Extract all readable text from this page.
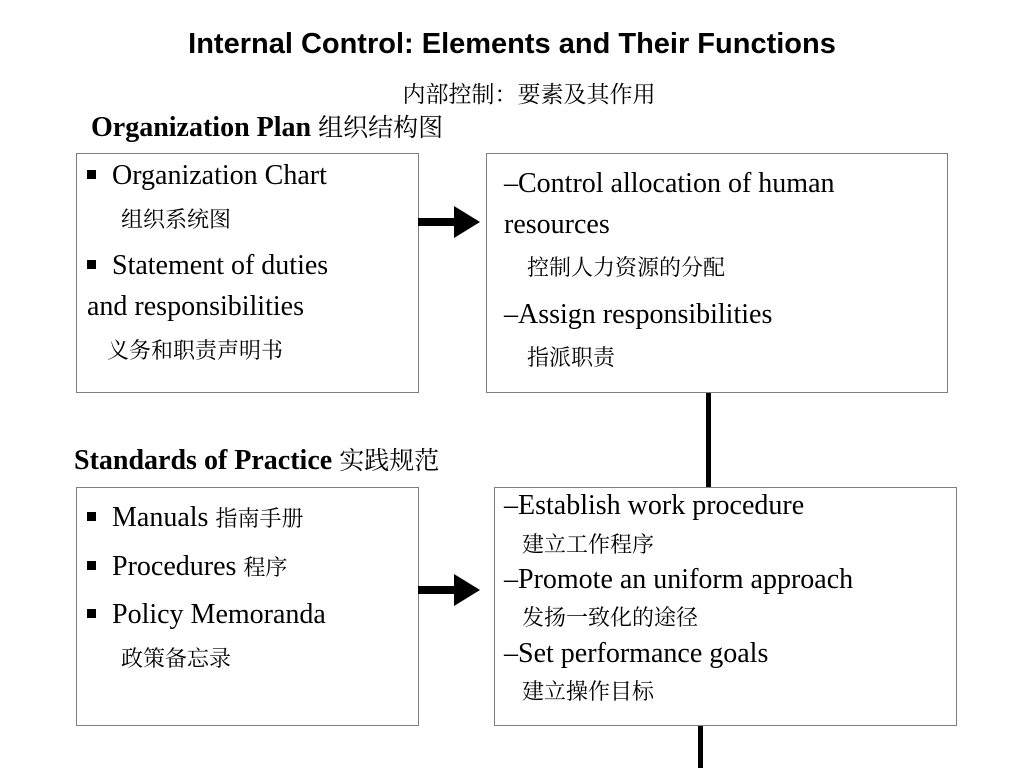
Internal Control: Elements and Their Functions
内部控制：要素及其作用
Organization Plan 组织结构图
Organization Chart
组织系统图
Statement of duties
and responsibilities
义务和职责声明书
–Control allocation of human
resources
控制人力资源的分配
–Assign responsibilities
指派职责
Standards of Practice 实践规范
Manuals 指南手册
Procedures 程序
Policy Memoranda
政策备忘录
–Establish work procedure
建立工作程序
–Promote an uniform approach
发扬一致化的途径
–Set performance goals
建立操作目标
